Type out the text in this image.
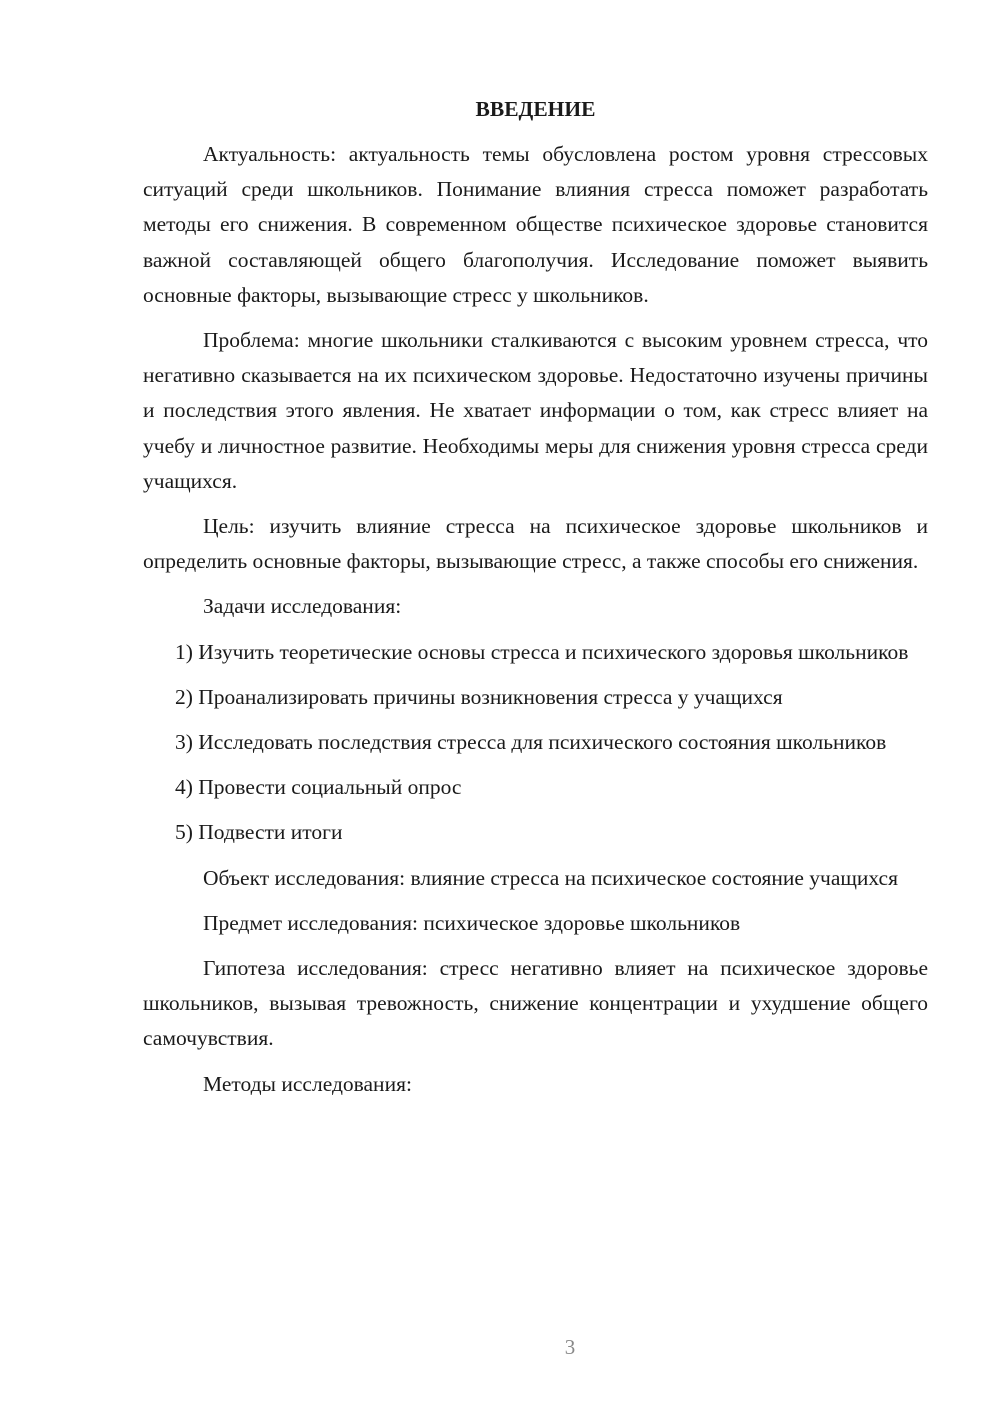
ВВЕДЕНИЕ

Актуальность: актуальность темы обусловлена ростом уровня стрессовых ситуаций среди школьников. Понимание влияния стресса поможет разработать методы его снижения. В современном обществе психическое здоровье становится важной составляющей общего благополучия. Исследование поможет выявить основные факторы, вызывающие стресс у школьников.

Проблема: многие школьники сталкиваются с высоким уровнем стресса, что негативно сказывается на их психическом здоровье. Недостаточно изучены причины и последствия этого явления. Не хватает информации о том, как стресс влияет на учебу и личностное развитие. Необходимы меры для снижения уровня стресса среди учащихся.

Цель: изучить влияние стресса на психическое здоровье школьников и определить основные факторы, вызывающие стресс, а также способы его снижения.

Задачи исследования:

1) Изучить теоретические основы стресса и психического здоровья школьников

2) Проанализировать причины возникновения стресса у учащихся

3) Исследовать последствия стресса для психического состояния школьников

4) Провести социальный опрос

5) Подвести итоги

Объект исследования: влияние стресса на психическое состояние учащихся

Предмет исследования: психическое здоровье школьников

Гипотеза исследования: стресс негативно влияет на психическое здоровье школьников, вызывая тревожность, снижение концентрации и ухудшение общего самочувствия.

Методы исследования:

3
